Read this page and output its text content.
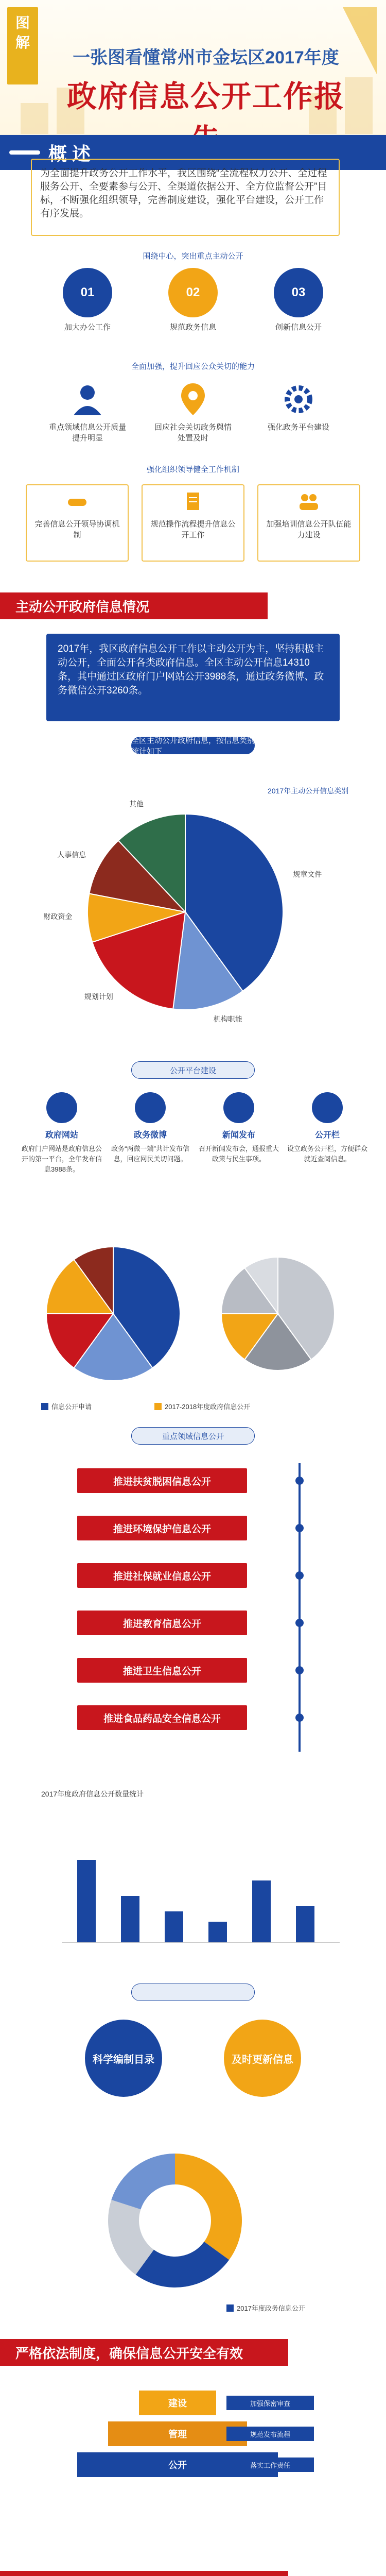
图
解
一张图看懂常州市金坛区2017年度
政府信息公开工作报
概 述
为全面提升政务公开工作水平，我区围绕“全流程权力公开、全过程服务公开、全要素参与公开、全渠道依据公开、全方位监督公开”目标，不断强化组织领导，完善制度建设，强化平台建设，公开工作有序发展。
围绕中心，突出重点主动公开
01
加大办公工作
02
规范政务信息
03
创新信息公开
全面加强，提升回应公众关切的能力
重点领域信息公开质量提升明显
回应社会关切政务舆情处置及时
强化政务平台建设
强化组织领导健全工作机制
完善信息公开领导协调机制
规范操作流程提升信息公开工作
加强培训信息公开队伍能力建设
主动公开政府信息情况
2017年，我区政府信息公开工作以主动公开为主，坚持积极主动公开，全面公开各类政府信息。全区主动公开信息14310条，其中通过区政府门户网站公开3988条，通过政务微博、政务微信公开3260条。
全区主动公开政府信息，按信息类别统计如下
规章文件
机构职能
规划计划
财政资金
人事信息
其他
2017年主动公开信息类别
公开平台建设
政府网站
政府门户网站是政府信息公开的第一平台，全年发布信息3988条。
政务微博
政务“两微一端”共计发布信息，回应网民关切问题。
新闻发布
召开新闻发布会，通报重大政策与民生事项。
公开栏
设立政务公开栏，方便群众就近查阅信息。
信息公开申请	2017-2018年度政府信息公开
重点领域信息公开
推进扶贫脱困信息公开
推进环境保护信息公开
推进社保就业信息公开
推进教育信息公开
推进卫生信息公开
推进食品药品安全信息公开
2017年度政府信息公开数量统计
科学编制目录	及时更新信息
2017年度政务信息公开
严格依法制度，确保信息公开安全有效
建设
管理
公开
加强保密审查
规范发布流程
落实工作责任
